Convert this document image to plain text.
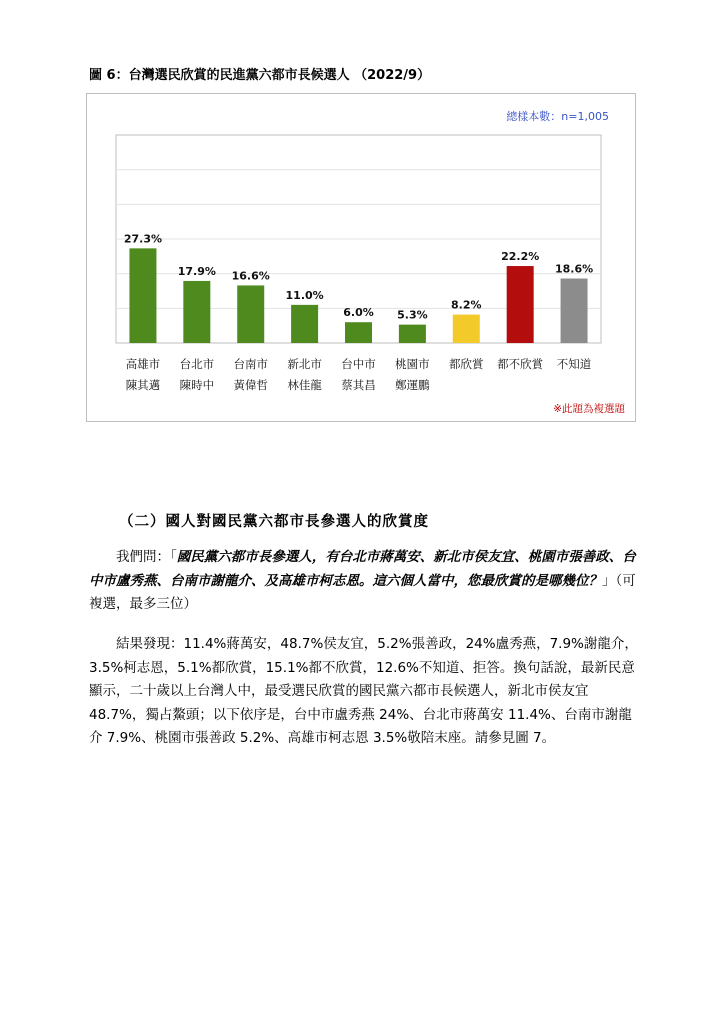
圖 6：台灣選民欣賞的民進黨六都市長候選人 （2022/9）
總樣本數：n=1,005
27.3%
高雄市
陳其邁
17.9%
台北市
陳時中
16.6%
台南市
黃偉哲
11.0%
新北市
林佳龍
6.0%
台中市
蔡其昌
5.3%
桃園市
鄭運鵬
8.2%
都欣賞
22.2%
都不欣賞
18.6%
不知道
※此題為複選題
（二）國人對國民黨六都市長參選人的欣賞度

我們問：「國民黨六都市長參選人，有台北市蔣萬安、新北市侯友宜、桃園市張善政、台中市盧秀燕、台南市謝龍介、及高雄市柯志恩。這六個人當中，您最欣賞的是哪幾位？」（可複選，最多三位）

結果發現：11.4%蔣萬安，48.7%侯友宜，5.2%張善政，24%盧秀燕，7.9%謝龍介，3.5%柯志恩，5.1%都欣賞，15.1%都不欣賞，12.6%不知道、拒答。換句話說，最新民意顯示，二十歲以上台灣人中，最受選民欣賞的國民黨六都市長候選人，新北市侯友宜 48.7%，獨占鰲頭；以下依序是，台中市盧秀燕 24%、台北市蔣萬安 11.4%、台南市謝龍介 7.9%、桃園市張善政 5.2%、高雄市柯志恩 3.5%敬陪末座。請參見圖 7。
